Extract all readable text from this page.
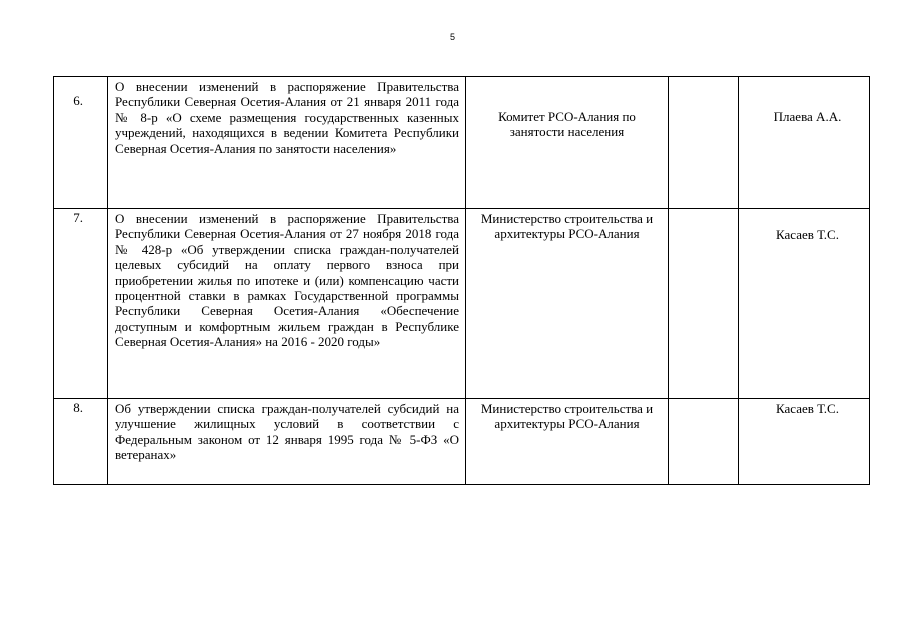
5
6.	О внесении изменений в распоряжение Правительства Республики Северная Осетия-Алания от 21 января 2011 года № 8-р «О схеме размещения государственных казенных учреждений, находящихся в ведении Комитета Республики Северная Осетия-Алания по занятости населения»	Комитет РСО-Алания по занятости населения		Плаева А.А.
7.	О внесении изменений в распоряжение Правительства Республики Северная Осетия-Алания от 27 ноября 2018 года № 428-р «Об утверждении списка граждан-получателей целевых субсидий на оплату первого взноса при приобретении жилья по ипотеке и (или) компенсацию части процентной ставки в рамках Государственной программы Республики Северная Осетия-Алания «Обеспечение доступным и комфортным жильем граждан в Республике Северная Осетия-Алания» на 2016 - 2020 годы»	Министерство строительства и архитектуры РСО-Алания		Касаев Т.С.
8.	Об утверждении списка граждан-получателей субсидий на улучшение жилищных условий в соответствии с Федеральным законом от 12 января 1995 года № 5-ФЗ «О ветеранах»	Министерство строительства и архитектуры РСО-Алания		Касаев Т.С.
